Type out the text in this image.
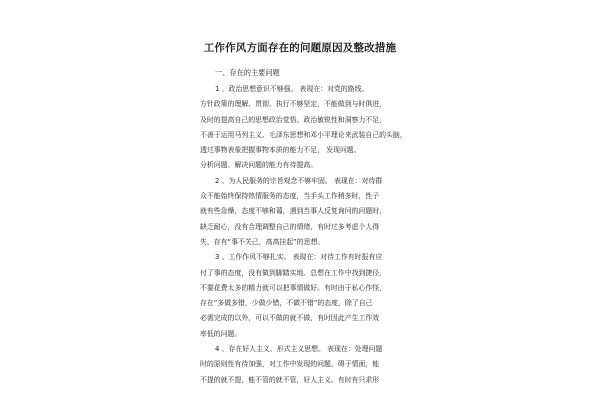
工作作风方面存在的问题原因及整改措施
一、存在的主要问题
1 、政治思想意识不够强。 表现在：对党的路线、
方针政策的理解、贯彻、执行不够坚定，不能做到与时俱进，
及时的提高自己的思想政治觉悟。政治敏锐性和洞察力不足，
不善于运用马列主义、毛泽东思想和邓小平理论来武装自己的头脑，
透过事物表象把握事物本质的能力不足， 发现问题、
分析问题、解决问题的能力有待提高。
2 、为人民服务的宗旨观念不够牢固。 表现在：对待群
众不能始终保持热情服务的态度，当手头工作稍多时，性子
就有些急燥，态度不够和蔼，遇到当事人反复询问的问题时，
缺乏耐心，没有合理调整自己的情绪，有时过多考虑个人得
失，存有“事不关己，高高挂起”的思想。
3 、工作作风不够扎实。 表现在：对待工作有时报有应
付了事的态度，没有做到脚踏实地、总想在工作中找到捷径，
不要花费太多的精力就可以把事情做好。有时由于私心作怪，
存在“多做多错，少做少错，不做不错”的态度，除了自己
必需完成的以外，可以不做的就不做，有时因此产生工作效
率低的问题。
4 、存在好人主义、形式主义思想。 表现在：处理问题
时的原则性有待加强，对工作中发现的问题，碍于情面，能
不提的就不提，能不管的就不管，好人主义。有时有只求形
